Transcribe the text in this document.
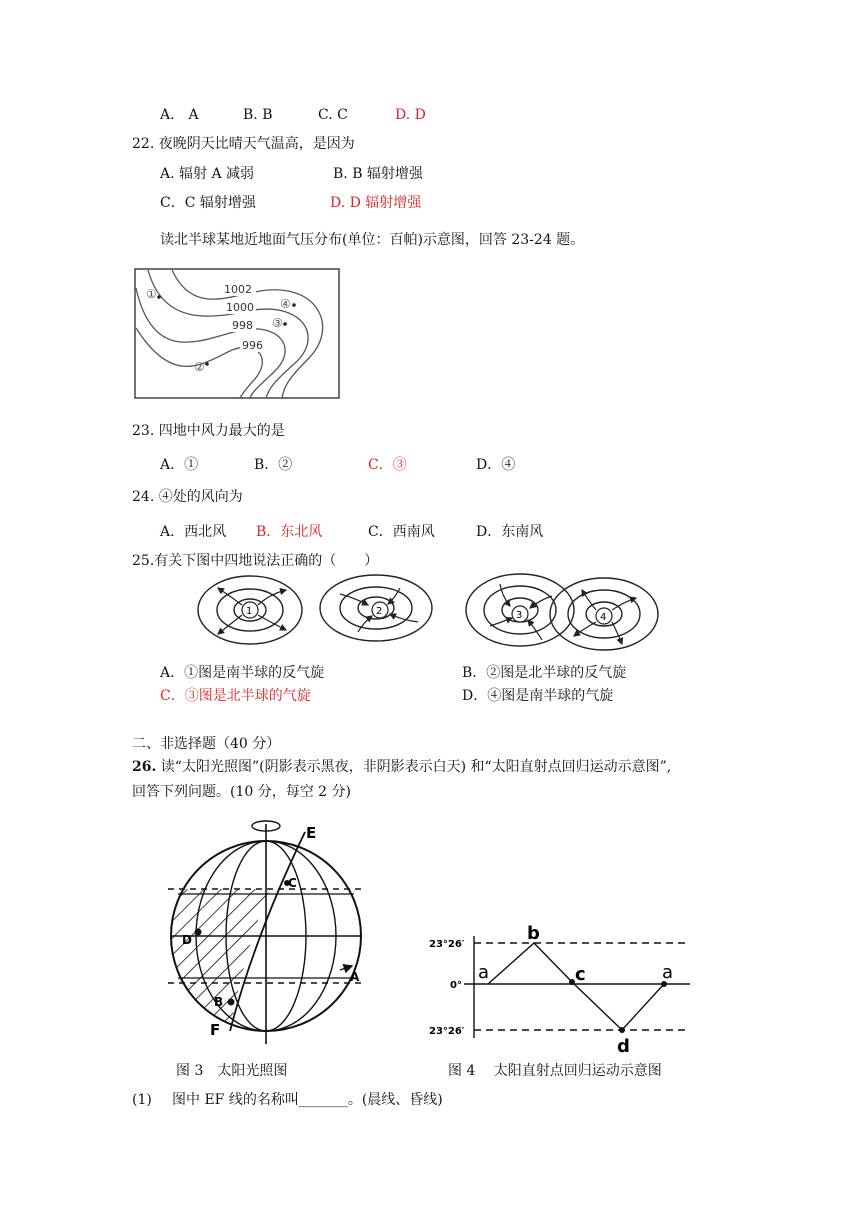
A.　A	B. B	C. C	D. D
22. 夜晚阴天比晴天气温高，是因为
A. 辐射 A 减弱	B. B 辐射增强
C．C 辐射增强	D. D 辐射增强
读北半球某地近地面气压分布(单位：百帕)示意图，回答 23-24 题。
1002
1000
998
996
①
②
③
④
23. 四地中风力最大的是
A．①	B．②	C．③	D．④
24. ④处的风向为
A．西北风 B．东北风	C．西南风	D．东南风
25.有关下图中四地说法正确的（　　）
1	2	3	4
A．①图是南半球的反气旋	B．②图是北半球的反气旋
C．③图是北半球的气旋	D．④图是南半球的气旋
二、非选择题（40 分）
26. 读“太阳光照图”(阴影表示黑夜，非阴影表示白天) 和“太阳直射点回归运动示意图”,
回答下列问题。(10 分，每空 2 分)
E
C
D
A
B
F
23°26′
0°
23°26′
a
b
c
d
a
图 3　太阳光照图	图 4　 太阳直射点回归运动示意图
(1) 图中 EF 线的名称叫_______。(晨线、昏线)
